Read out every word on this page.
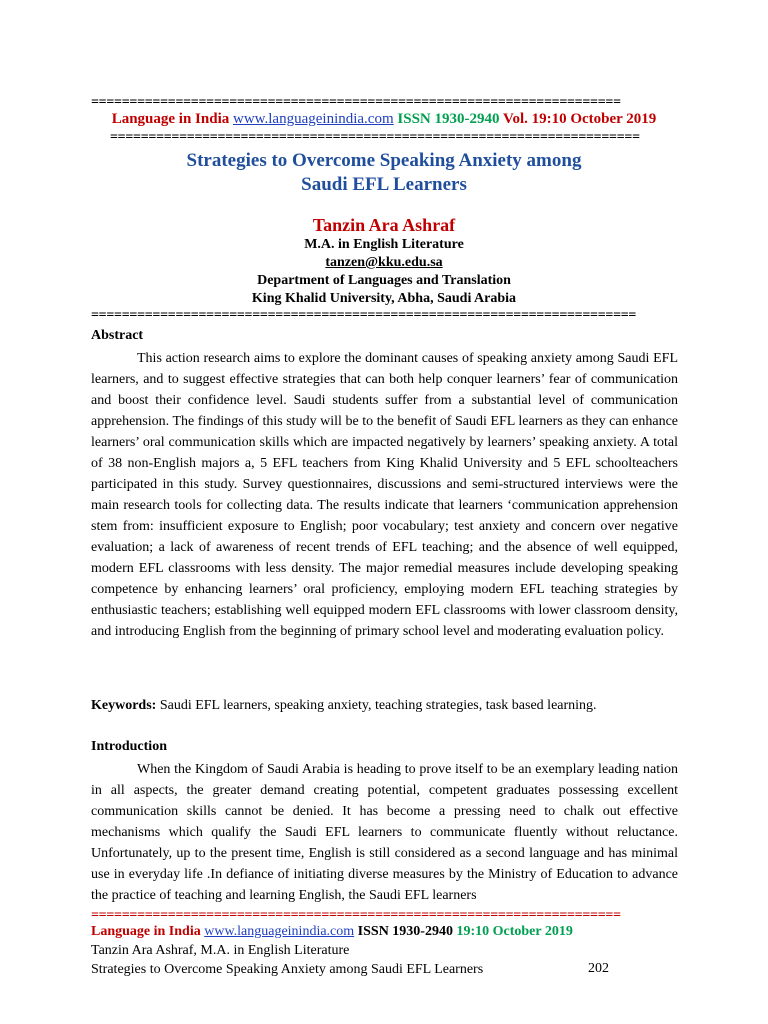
=====================================================================
Language in India www.languageinindia.com ISSN 1930-2940 Vol. 19:10 October 2019
=====================================================================
Strategies to Overcome Speaking Anxiety among
Saudi EFL Learners
Tanzin Ara Ashraf
M.A. in English Literature
tanzen@kku.edu.sa
Department of Languages and Translation
King Khalid University, Abha, Saudi Arabia
=======================================================================
Abstract

This action research aims to explore the dominant causes of speaking anxiety among Saudi EFL learners, and to suggest effective strategies that can both help conquer learners’ fear of communication and boost their confidence level. Saudi students suffer from a substantial level of communication apprehension. The findings of this study will be to the benefit of Saudi EFL learners as they can enhance learners’ oral communication skills which are impacted negatively by learners’ speaking anxiety. A total of 38 non-English majors a, 5 EFL teachers from King Khalid University and 5 EFL schoolteachers participated in this study. Survey questionnaires, discussions and semi-structured interviews were the main research tools for collecting data. The results indicate that learners ‘communication apprehension stem from: insufficient exposure to English; poor vocabulary; test anxiety and concern over negative evaluation; a lack of awareness of recent trends of EFL teaching; and the absence of well equipped, modern EFL classrooms with less density. The major remedial measures include developing speaking competence by enhancing learners’ oral proficiency, employing modern EFL teaching strategies by enthusiastic teachers; establishing well equipped modern EFL classrooms with lower classroom density, and introducing English from the beginning of primary school level and moderating evaluation policy.

Keywords: Saudi EFL learners, speaking anxiety, teaching strategies, task based learning.
Introduction

When the Kingdom of Saudi Arabia is heading to prove itself to be an exemplary leading nation in all aspects, the greater demand creating potential, competent graduates possessing excellent communication skills cannot be denied. It has become a pressing need to chalk out effective mechanisms which qualify the Saudi EFL learners to communicate fluently without reluctance. Unfortunately, up to the present time, English is still considered as a second language and has minimal use in everyday life .In defiance of initiating diverse measures by the Ministry of Education to advance the practice of teaching and learning English, the Saudi EFL learners

=====================================================================
Language in India www.languageinindia.com ISSN 1930-2940 19:10 October 2019
Tanzin Ara Ashraf, M.A. in English Literature
Strategies to Overcome Speaking Anxiety among Saudi EFL Learners	202
